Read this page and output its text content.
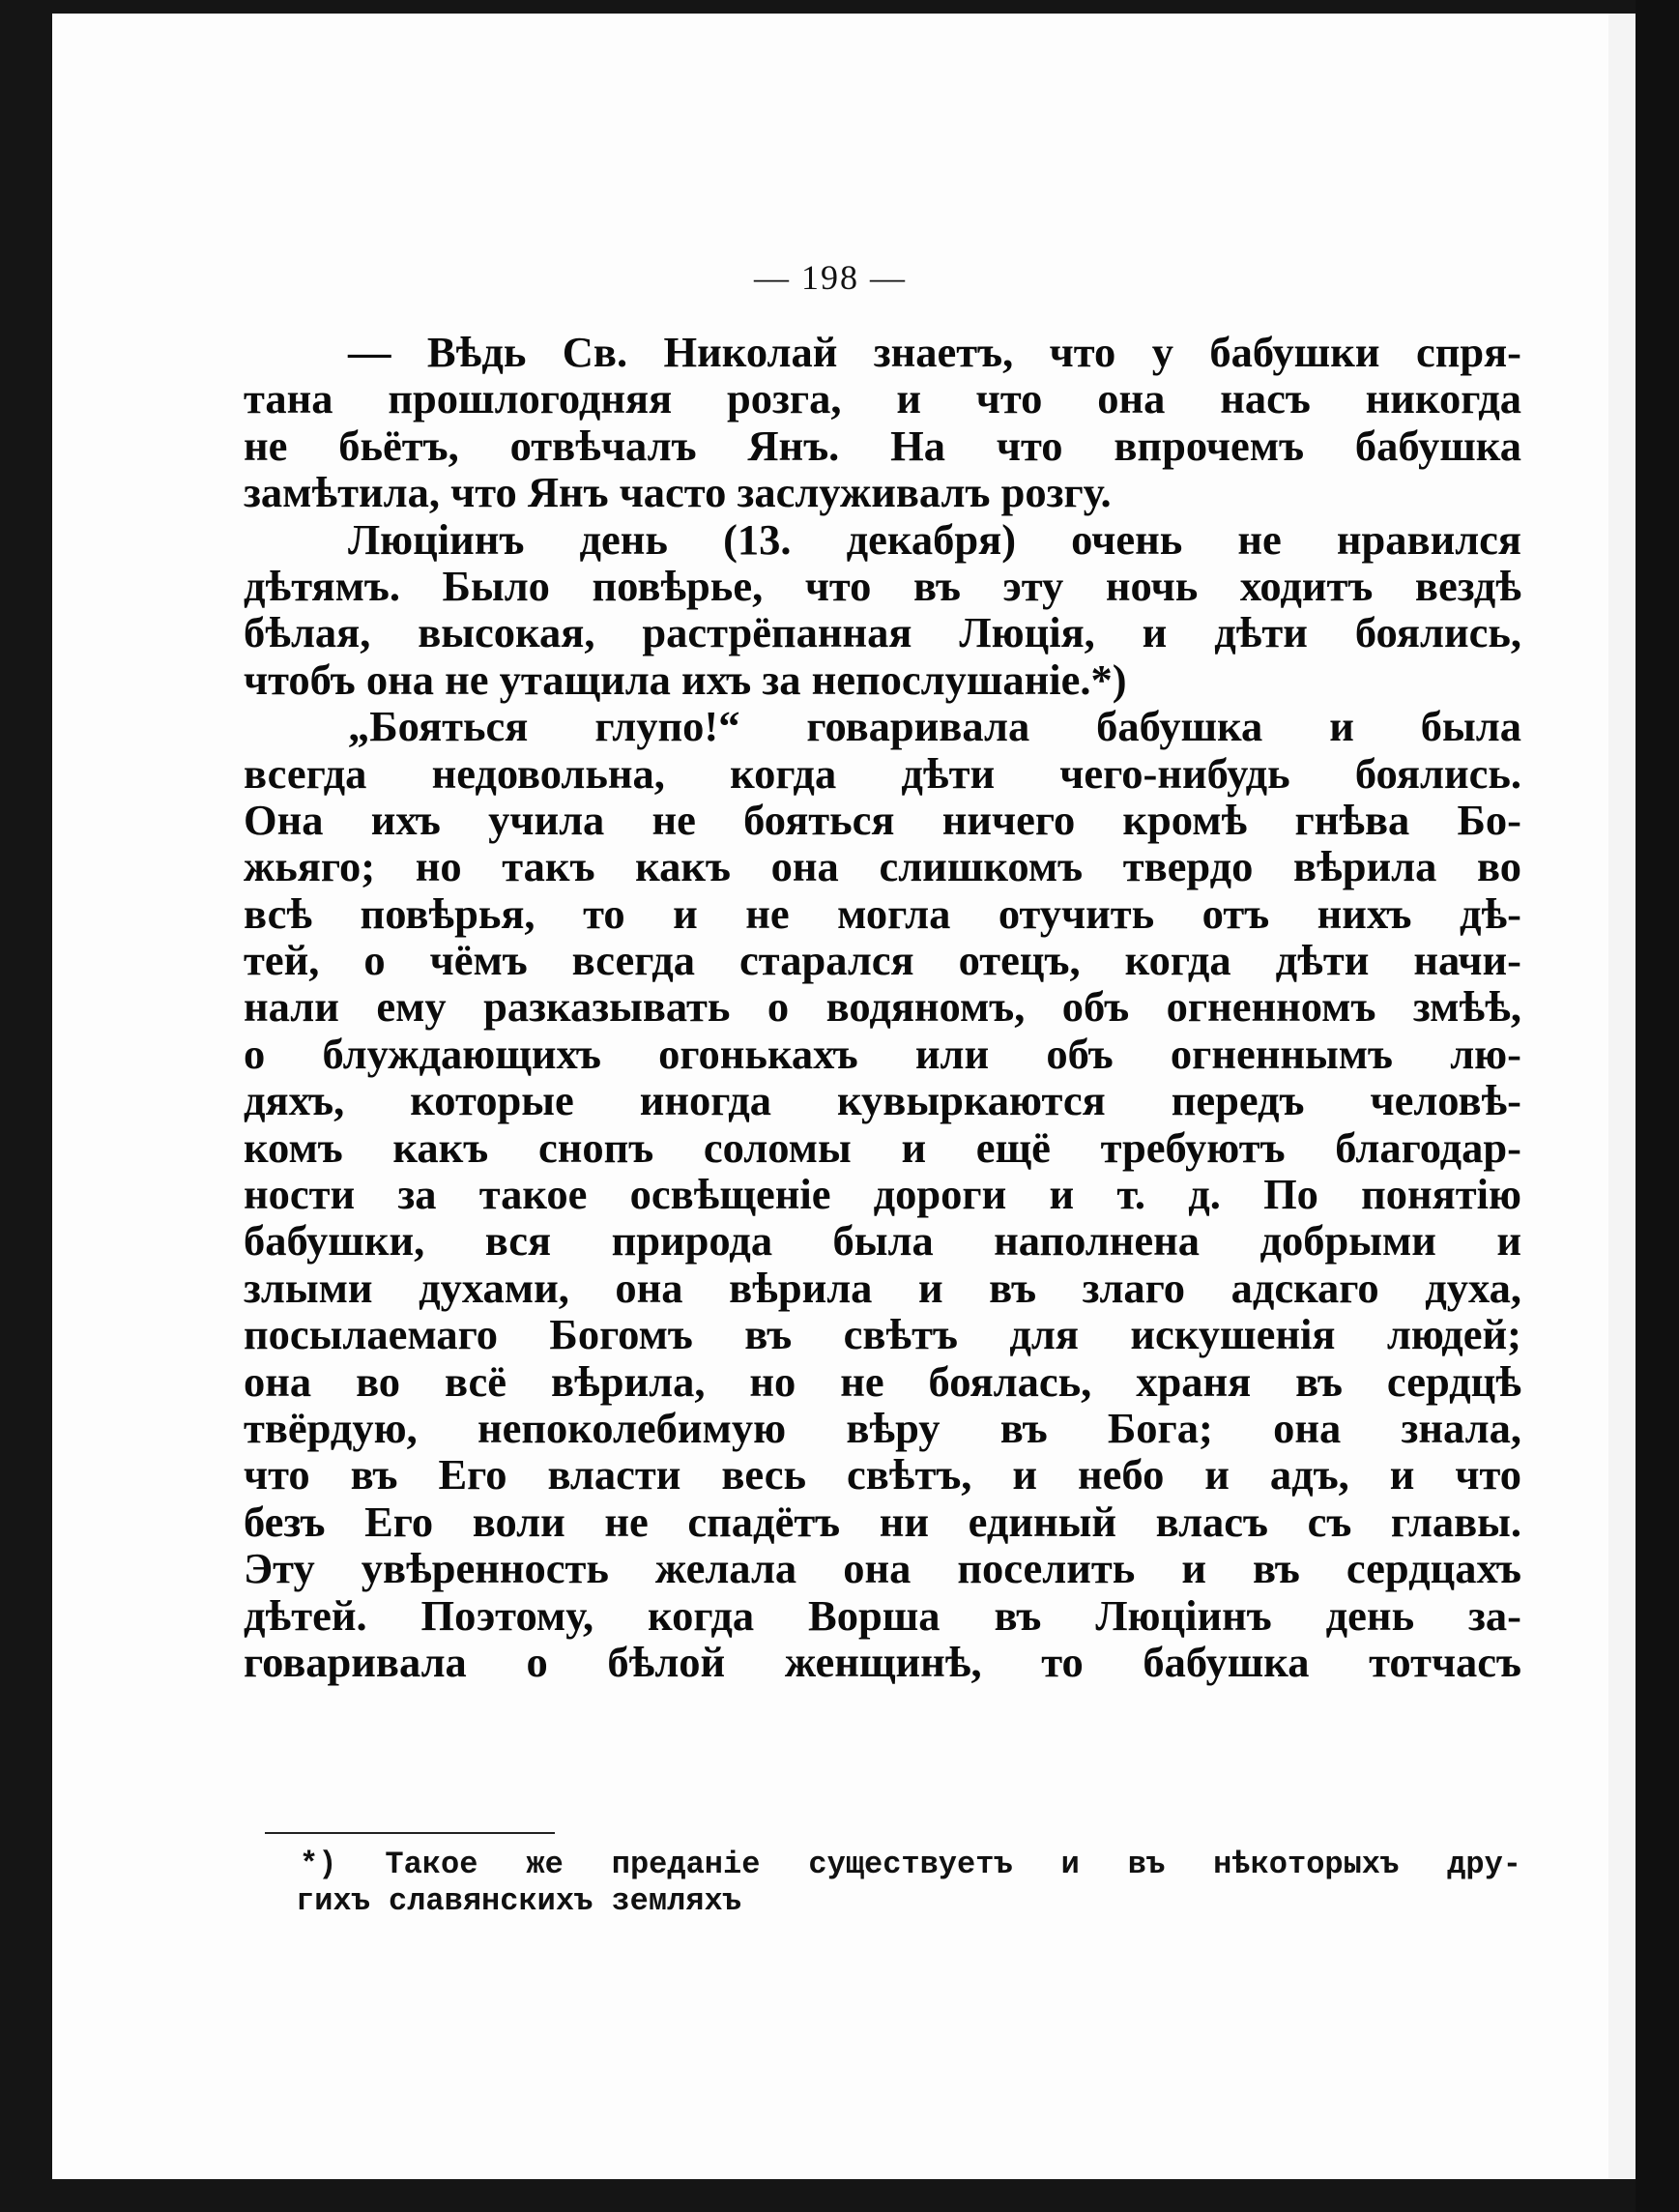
— 198 —
— Вѣдь Св. Николай знаетъ, что у бабушки спря-
тана прошлогодняя розга, и что она насъ никогда
не бьётъ, отвѣчалъ Янъ. На что впрочемъ бабушка
замѣтила, что Янъ часто заслуживалъ розгу.
Люцiинъ день (13. декабря) очень не нравился
дѣтямъ. Было повѣрье, что въ эту ночь ходитъ вездѣ
бѣлая, высокая, растрёпанная Люцiя, и дѣти боялись,
чтобъ она не утащила ихъ за непослушанiе.*)
„Бояться глупо!“ говаривала бабушка и была
всегда недовольна, когда дѣти чего-нибудь боялись.
Она ихъ учила не бояться ничего кромѣ гнѣва Бо-
жьяго; но такъ какъ она слишкомъ твердо вѣрила во
всѣ повѣрья, то и не могла отучить отъ нихъ дѣ-
тей, о чёмъ всегда старался отецъ, когда дѣти начи-
нали ему разказывать о водяномъ, объ огненномъ змѣѣ,
о блуждающихъ огонькахъ или объ огненнымъ лю-
дяхъ, которые иногда кувыркаются передъ человѣ-
комъ какъ снопъ соломы и ещё требуютъ благодар-
ности за такое освѣщенiе дороги и т. д. По понятiю
бабушки, вся природа была наполнена добрыми и
злыми духами, она вѣрила и въ злаго адскаго духа,
посылаемаго Богомъ въ свѣтъ для искушенiя людей;
она во всё вѣрила, но не боялась, храня въ сердцѣ
твёрдую, непоколебимую вѣру въ Бога; она знала,
что въ Его власти весь свѣтъ, и небо и адъ, и что
безъ Его воли не спадётъ ни единый власъ съ главы.
Эту увѣренность желала она поселить и въ сердцахъ
дѣтей. Поэтому, когда Ворша въ Люцiинъ день за-
говаривала о бѣлой женщинѣ, то бабушка тотчасъ
*) Такое же преданiе существуетъ и въ нѣкоторыхъ дру-
гихъ славянскихъ земляхъ
